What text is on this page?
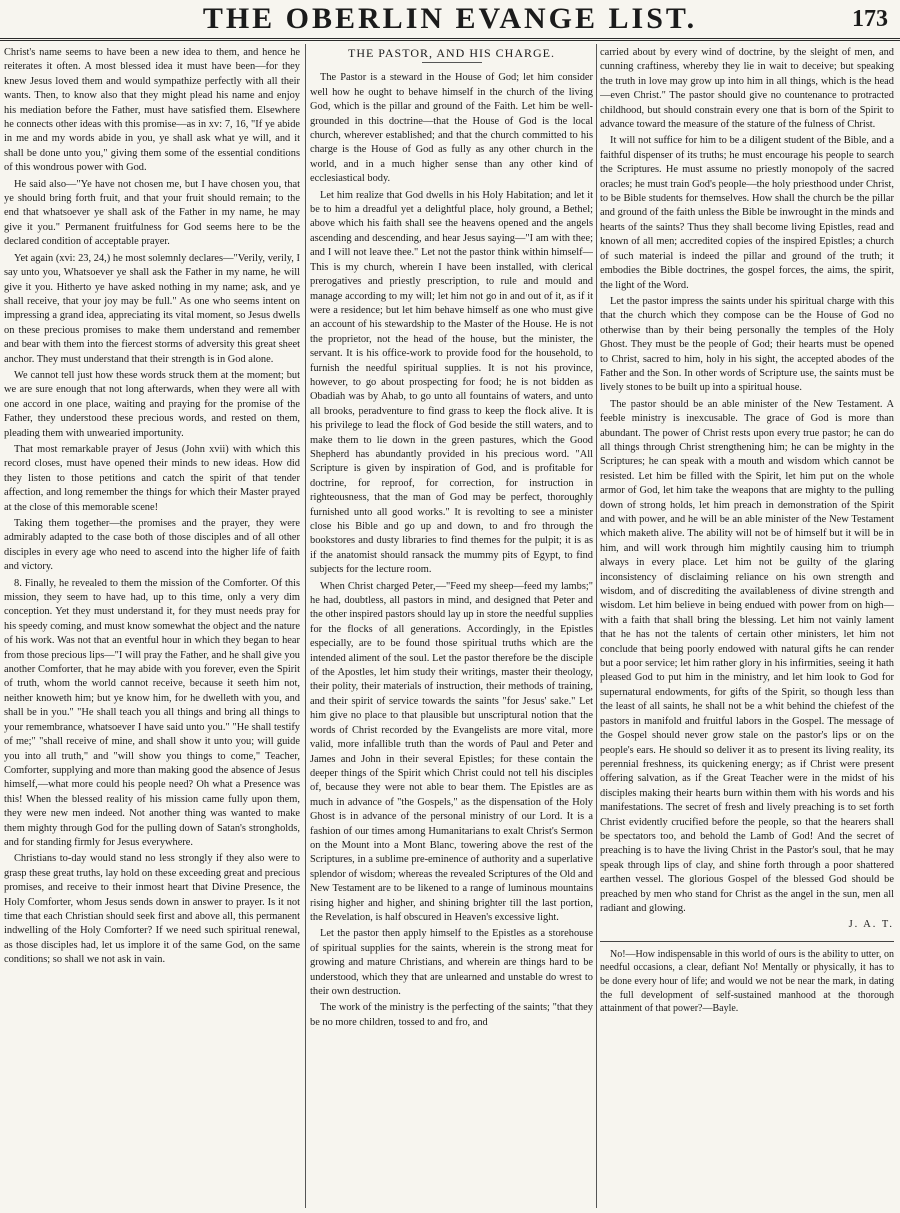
THE OBERLIN EVANGE LIST.	173

Christ's name seems to have been a new idea to them, and hence he reiterates it often. A most blessed idea it must have been—for they knew Jesus loved them and would sympathize perfectly with all their wants. Then, to know also that they might plead his name and enjoy his mediation before the Father, must have satisfied them. Elsewhere he connects other ideas with this promise—as in xv: 7, 16, "If ye abide in me and my words abide in you, ye shall ask what ye will, and it shall be done unto you," giving them some of the essential conditions of this wondrous power with God.

He said also—"Ye have not chosen me, but I have chosen you, that ye should bring forth fruit, and that your fruit should remain; to the end that whatsoever ye shall ask of the Father in my name, he may give it you." Permanent fruitfulness for God seems here to be the declared condition of acceptable prayer.

Yet again (xvi: 23, 24,) he most solemnly declares—"Verily, verily, I say unto you, Whatsoever ye shall ask the Father in my name, he will give it you. Hitherto ye have asked nothing in my name; ask, and ye shall receive, that your joy may be full." As one who seems intent on impressing a grand idea, appreciating its vital moment, so Jesus dwells on these precious promises to make them understand and remember and bear with them into the fiercest storms of adversity this great sheet anchor. They must understand that their strength is in God alone.

We cannot tell just how these words struck them at the moment; but we are sure enough that not long afterwards, when they were all with one accord in one place, waiting and praying for the promise of the Father, they understood these precious words, and rested on them, pleading them with unwearied importunity.

That most remarkable prayer of Jesus (John xvii) with which this record closes, must have opened their minds to new ideas. How did they listen to those petitions and catch the spirit of that tender affection, and long remember the things for which their Master prayed at the close of this memorable scene!

Taking them together—the promises and the prayer, they were admirably adapted to the case both of those disciples and of all other disciples in every age who need to ascend into the higher life of faith and victory.

8. Finally, he revealed to them the mission of the Comforter. Of this mission, they seem to have had, up to this time, only a very dim conception. Yet they must understand it, for they must needs pray for his speedy coming, and must know somewhat the object and the nature of his work. Was not that an eventful hour in which they began to hear from those precious lips—"I will pray the Father, and he shall give you another Comforter, that he may abide with you forever, even the Spirit of truth, whom the world cannot receive, because it seeth him not, neither knoweth him; but ye know him, for he dwelleth with you, and shall be in you." "He shall teach you all things and bring all things to your remembrance, whatsoever I have said unto you." "He shall testify of me;" "shall receive of mine, and shall show it unto you; will guide you into all truth," and "will show you things to come," Teacher, Comforter, supplying and more than making good the absence of Jesus himself,—what more could his people need? Oh what a Presence was this! When the blessed reality of his mission came fully upon them, they were new men indeed. Not another thing was wanted to make them mighty through God for the pulling down of Satan's strongholds, and for standing firmly for Jesus everywhere.

Christians to-day would stand no less strongly if they also were to grasp these great truths, lay hold on these exceeding great and precious promises, and receive to their inmost heart that Divine Presence, the Holy Comforter, whom Jesus sends down in answer to prayer. Is it not time that each Christian should seek first and above all, this permanent indwelling of the Holy Comforter? If we need such spiritual renewal, as those disciples had, let us implore it of the same God, on the same conditions; so shall we not ask in vain.

THE PASTOR, AND HIS CHARGE.

The Pastor is a steward in the House of God; let him consider well how he ought to behave himself in the church of the living God, which is the pillar and ground of the Faith. Let him be well-grounded in this doctrine—that the House of God is the local church, wherever established; and that the church committed to his charge is the House of God as fully as any other church in the world, and in a much higher sense than any other kind of ecclesiastical body.

Let him realize that God dwells in his Holy Habitation; and let it be to him a dreadful yet a delightful place, holy ground, a Bethel; above which his faith shall see the heavens opened and the angels ascending and descending, and hear Jesus saying—"I am with thee; and I will not leave thee." Let not the pastor think within himself—This is my church, wherein I have been installed, with clerical prerogatives and priestly prescription, to rule and mould and manage according to my will; let him not go in and out of it, as if it were a residence; but let him behave himself as one who must give an account of his stewardship to the Master of the House. He is not the proprietor, not the head of the house, but the minister, the servant. It is his office-work to provide food for the household, to furnish the needful spiritual supplies. It is not his province, however, to go about prospecting for food; he is not bidden as Obadiah was by Ahab, to go unto all fountains of waters, and unto all brooks, peradventure to find grass to keep the flock alive. It is his privilege to lead the flock of God beside the still waters, and to make them to lie down in the green pastures, which the Good Shepherd has abundantly provided in his precious word. "All Scripture is given by inspiration of God, and is profitable for doctrine, for reproof, for correction, for instruction in righteousness, that the man of God may be perfect, thoroughly furnished unto all good works." It is revolting to see a minister close his Bible and go up and down, to and fro through the bookstores and dusty libraries to find themes for the pulpit; it is as if the anatomist should ransack the mummy pits of Egypt, to find subjects for the lecture room.

When Christ charged Peter,—"Feed my sheep—feed my lambs;" he had, doubtless, all pastors in mind, and designed that Peter and the other inspired pastors should lay up in store the needful supplies for the flocks of all generations. Accordingly, in the Epistles especially, are to be found those spiritual truths which are the intended aliment of the soul. Let the pastor therefore be the disciple of the Apostles, let him study their writings, master their theology, their polity, their materials of instruction, their methods of training, and their spirit of service towards the saints "for Jesus' sake." Let him give no place to that plausible but unscriptural notion that the words of Christ recorded by the Evangelists are more vital, more valid, more infallible truth than the words of Paul and Peter and James and John in their several Epistles; for these contain the deeper things of the Spirit which Christ could not tell his disciples of, because they were not able to bear them. The Epistles are as much in advance of "the Gospels," as the dispensation of the Holy Ghost is in advance of the personal ministry of our Lord. It is a fashion of our times among Humanitarians to exalt Christ's Sermon on the Mount into a Mont Blanc, towering above the rest of the Scriptures, in a sublime pre-eminence of authority and a superlative splendor of wisdom; whereas the revealed Scriptures of the Old and New Testament are to be likened to a range of luminous mountains rising higher and higher, and shining brighter till the last portion, the Revelation, is half obscured in Heaven's excessive light.

Let the pastor then apply himself to the Epistles as a storehouse of spiritual supplies for the saints, wherein is the strong meat for growing and mature Christians, and wherein are things hard to be understood, which they that are unlearned and unstable do wrest to their own destruction.

The work of the ministry is the perfecting of the saints; "that they be no more children, tossed to and fro, and

carried about by every wind of doctrine, by the sleight of men, and cunning craftiness, whereby they lie in wait to deceive; but speaking the truth in love may grow up into him in all things, which is the head—even Christ." The pastor should give no countenance to protracted childhood, but should constrain every one that is born of the Spirit to advance toward the measure of the stature of the fulness of Christ.

It will not suffice for him to be a diligent student of the Bible, and a faithful dispenser of its truths; he must encourage his people to search the Scriptures. He must assume no priestly monopoly of the sacred oracles; he must train God's people—the holy priesthood under Christ, to be Bible students for themselves. How shall the church be the pillar and ground of the faith unless the Bible be inwrought in the minds and hearts of the saints? Thus they shall become living Epistles, read and known of all men; accredited copies of the inspired Epistles; a church of such material is indeed the pillar and ground of the truth; it embodies the Bible doctrines, the gospel forces, the aims, the spirit, the light of the Word.

Let the pastor impress the saints under his spiritual charge with this that the church which they compose can be the House of God no otherwise than by their being personally the temples of the Holy Ghost. They must be the people of God; their hearts must be opened to Christ, sacred to him, holy in his sight, the accepted abodes of the Father and the Son. In other words of Scripture use, the saints must be lively stones to be built up into a spiritual house.

The pastor should be an able minister of the New Testament. A feeble ministry is inexcusable. The grace of God is more than abundant. The power of Christ rests upon every true pastor; he can do all things through Christ strengthening him; he can be mighty in the Scriptures; he can speak with a mouth and wisdom which cannot be resisted. Let him be filled with the Spirit, let him put on the whole armor of God, let him take the weapons that are mighty to the pulling down of strong holds, let him preach in demonstration of the Spirit and with power, and he will be an able minister of the New Testament which maketh alive. The ability will not be of himself but it will be in him, and will work through him mightily causing him to triumph always in every place. Let him not be guilty of the glaring inconsistency of disclaiming reliance on his own strength and wisdom, and of discrediting the availableness of divine strength and wisdom. Let him believe in being endued with power from on high—with a faith that shall bring the blessing. Let him not vainly lament that he has not the talents of certain other ministers, let him not conclude that being poorly endowed with natural gifts he can render but a poor service; let him rather glory in his infirmities, seeing it hath pleased God to put him in the ministry, and let him look to God for supernatural endowments, for gifts of the Spirit, so though less than the least of all saints, he shall not be a whit behind the chiefest of the pastors in manifold and fruitful labors in the Gospel. The message of the Gospel should never grow stale on the pastor's lips or on the people's ears. He should so deliver it as to present its living reality, its perennial freshness, its quickening energy; as if Christ were present offering salvation, as if the Great Teacher were in the midst of his disciples making their hearts burn within them with his words and his manifestations. The secret of fresh and lively preaching is to set forth Christ evidently crucified before the people, so that the hearers shall be spectators too, and behold the Lamb of God! And the secret of preaching is to have the living Christ in the Pastor's soul, that he may speak through lips of clay, and shine forth through a poor shattered earthen vessel. The glorious Gospel of the blessed God should be preached by men who stand for Christ as the angel in the sun, men all radiant and glowing.

J. A. T.

No!—How indispensable in this world of ours is the ability to utter, on needful occasions, a clear, defiant No! Mentally or physically, it has to be done every hour of life; and would we not be near the mark, in dating the full development of self-sustained manhood at the thorough attainment of that power?—Bayle.
